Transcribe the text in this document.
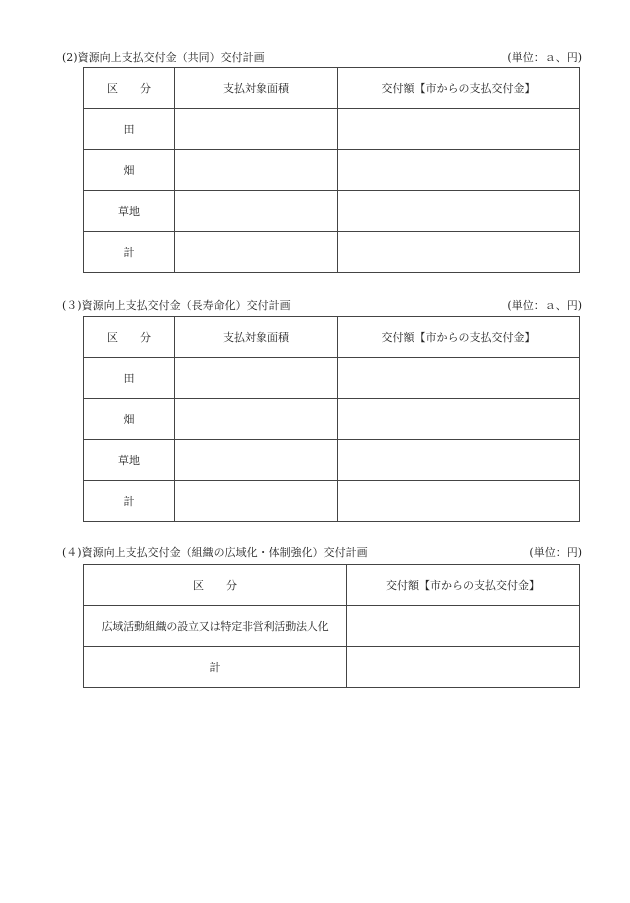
(2)資源向上支払交付金（共同）交付計画	(単位：ａ、円)
区　　分	支払対象面積	交付額【市からの支払交付金】
田		
畑		
草地		
計		
(３)資源向上支払交付金（長寿命化）交付計画	(単位：ａ、円)
区　　分	支払対象面積	交付額【市からの支払交付金】
田		
畑		
草地		
計		
(４)資源向上支払交付金（組織の広域化・体制強化）交付計画	(単位：円)
区　　分	交付額【市からの支払交付金】
広域活動組織の設立又は特定非営利活動法人化	
計	
